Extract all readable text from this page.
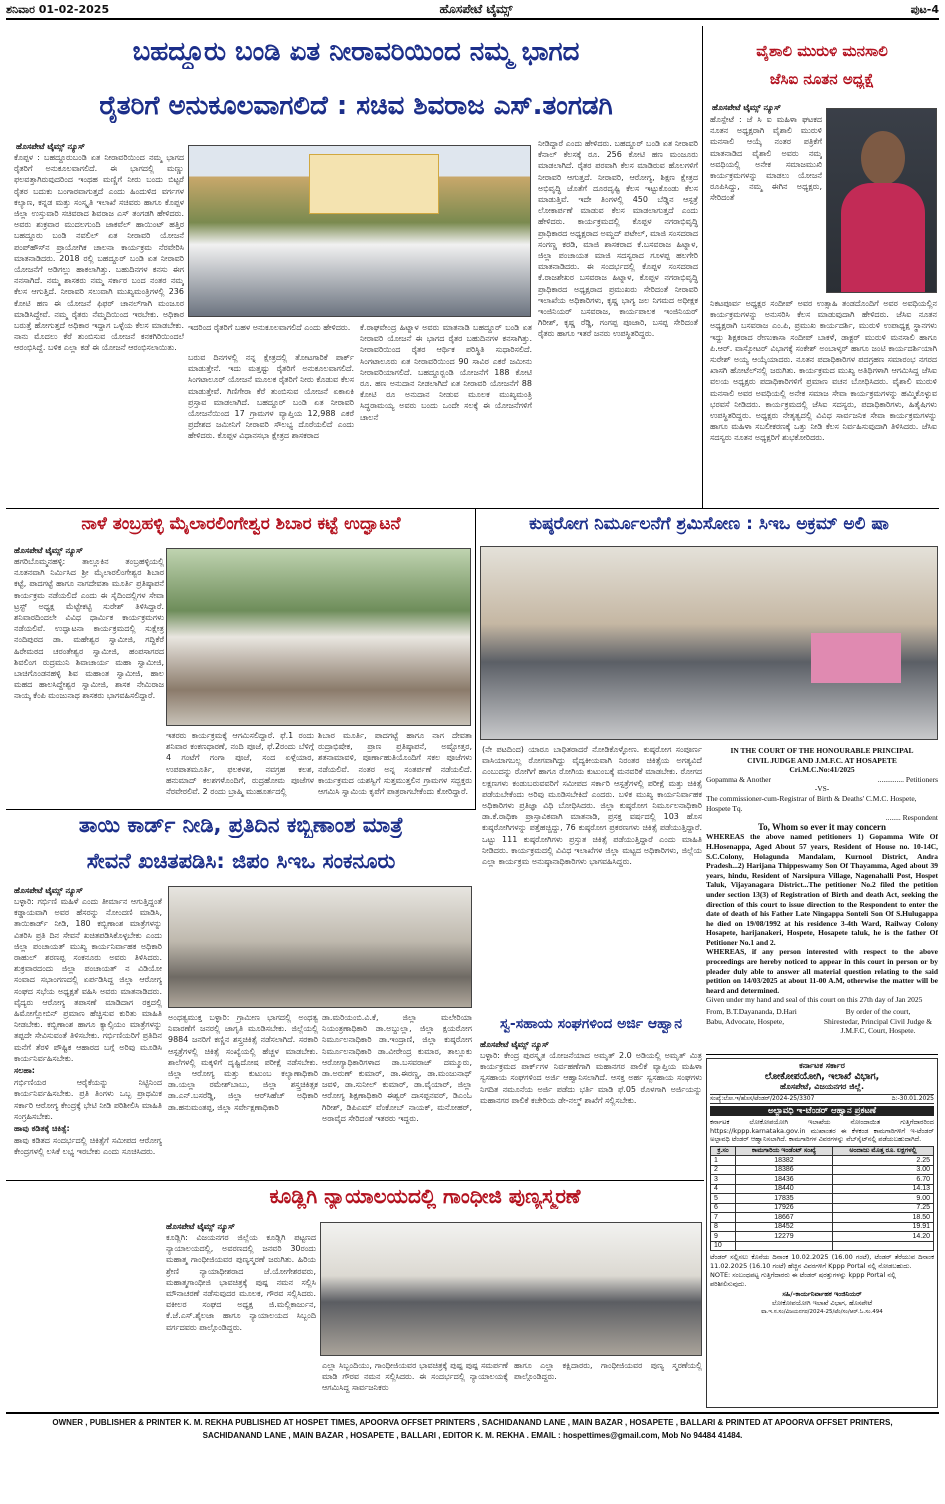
ಶನಿವಾರ 01-02-2025	ಹೊಸಪೇಟೆ ಟೈಮ್ಸ್	ಪುಟ-4
ಬಹದ್ದೂರು ಬಂಡಿ ಏತ ನೀರಾವರಿಯಿಂದ ನಮ್ಮ ಭಾಗದ
ರೈತರಿಗೆ ಅನುಕೂಲವಾಗಲಿದೆ : ಸಚಿವ ಶಿವರಾಜ ಎಸ್.ತಂಗಡಗಿ
ಹೊಸಪೇಟೆ ಟೈಮ್ಸ್ ನ್ಯೂಸ್
ಕೊಪ್ಪಳ : ಬಹದ್ದೂರುಬಂಡಿ ಏತ ನೀರಾವರಿಯಿಂದ ನಮ್ಮ ಭಾಗದ ರೈತರಿಗೆ ಅನುಕೂಲವಾಗಲಿದೆ. ಈ ಭಾಗದಲ್ಲಿ ಮಣ್ಣು ಫಲವತ್ತಾಗಿರುವುದರಿಂದ ಇಂಥಹ ಮಣ್ಣಿಗೆ ನೀರು ಬಂದು ಬಿಟ್ಟರೆ ರೈತರ ಬದುಕು ಬಂಗಾರವಾಗುತ್ತದೆ ಎಂದು ಹಿಂದುಳಿದ ವರ್ಗಗಳ ಕಲ್ಯಾಣ, ಕನ್ನಡ ಮತ್ತು ಸಂಸ್ಕೃತಿ ಇಲಾಖೆ ಸಚಿವರು ಹಾಗೂ ಕೊಪ್ಪಳ ಜಿಲ್ಲಾ ಉಸ್ತುವಾರಿ ಸಚಿವರಾದ ಶಿವರಾಜ ಎಸ್ ತಂಗಡಗಿ ಹೇಳಿದರು. ಅವರು ಶುಕ್ರವಾರ ಮುದಲಗುಂದಿ ಜಾಕವೆಲ್ ಹಾಯಿಂಟ್ ಹತ್ತಿರ ಬಹದ್ದೂರು ಬಂಡಿ ನವಲಿಲ್ ಏತ ನೀರಾವರಿ ಯೋಜನೆ ಪಂಪ್‍ಹೌಸ್‍ನ ಪ್ರಾಯೋಗಿಕ ಚಾಲನಾ ಕಾರ್ಯಕ್ರಮ ನೆರವೇರಿಸಿ ಮಾತನಾಡಿದರು. 2018 ರಲ್ಲಿ ಬಹದ್ದೂರ್ ಬಂಡಿ ಏತ ನೀರಾವರಿ ಯೋಜನೆಗೆ ಅಡಿಗಲ್ಲು ಹಾಕಲಾಗಿತ್ತು. ಬಹುದಿನಗಳ ಕನಸು ಈಗ ನನಸಾಗಿದೆ. ನಮ್ಮ ಶಾಸಕರು ನಮ್ಮ ಸರ್ಕಾರ ಬಂದ ನಂತರ ನಮ್ಮ ಕೆಲಸ ಆಗುತ್ತಿದೆ. ನೀರಾವರಿ ಸಲುವಾಗಿ ಮುಖ್ಯಮಂತ್ರಿಗಳಲ್ಲಿ 236 ಕೋಟಿ ಹಣ ಈ ಯೋಜನೆ ಫಿಫರ್ ಚಾನಲ್‍ಗಾಗಿ ಮಂಜೂರ ಮಾಡಿಸಿದ್ದೇವೆ. ನಮ್ಮ ರೈತರು ನೆಮ್ಮದಿಯಿಂದ ಇರಬೇಕು. ಅಧಿಕಾರ ಬರುತ್ತೆ ಹೋಗುತ್ತದೆ ಅಧಿಕಾರ ಇದ್ದಾಗ ಒಳ್ಳೆಯ ಕೆಲಸ ಮಾಡಬೇಕು. ನಾನು ಮೊದಲು ಕೆರೆ ತುಂಬಿಸುವ ಯೋಜನೆ ಕನಕಗಿರಿಯಿಂದಲೆ ಆರಂಭಿಸಿದ್ದೆ. ಬಳಿಕ ಎಲ್ಲಾ ಕಡೆ ಈ ಯೋಜನೆ ಆರಂಭಿಸಲಾಯಿತು.
ಇದರಿಂದ ರೈತರಿಗೆ ಬಹಳ ಅನುಕೂಲವಾಗಲಿದೆ ಎಂದು ಹೇಳಿದರು.
ಬರುವ ದಿನಗಳಲ್ಲಿ ನನ್ನ ಕ್ಷೇತ್ರದಲ್ಲಿ ತೋಟಗಾರಿಕೆ ಪಾರ್ಕ್ ಮಾಡುತ್ತೇನೆ. ಇದು ಮತ್ತಷ್ಟು ರೈತರಿಗೆ ಅನುಕೂಲವಾಗಲಿದೆ. ಸಿಂಗಟಾಲೂರ್ ಯೋಜನೆ ಮೂಲಕ ರೈತರಿಗೆ ನೀರು ಕೊಡುವ ಕೆಲಸ ಮಾಡುತ್ತೇವೆ. ಗಿಣಿಗೇರಾ ಕೆರೆ ತುಂಬಿಸುವ ಯೋಜನೆ ಏಕಾಏಕಿ ಪ್ರಸ್ತಾವ ಮಾಡಲಾಗಿದೆ. ಬಹದ್ದೂರ್ ಬಂಡಿ ಏತ ನೀರಾವರಿ ಯೋಜನೆಯಿಂದ 17 ಗ್ರಾಮಗಳ ವ್ಯಾಪ್ತಿಯ 12,988 ಎಕರೆ ಪ್ರದೇಶದ ಜಮೀನಿಗೆ ನೀರಾವರಿ ಸೌಲಭ್ಯ ದೊರೆಯಲಿದೆ ಎಂದು ಹೇಳಿದರು. ಕೊಪ್ಪಳ ವಿಧಾನಸಭಾ ಕ್ಷೇತ್ರದ ಶಾಸಕರಾದ
ಕೆ.ರಾಘವೇಂದ್ರ ಹಿಟ್ನಾಳ ಅವರು ಮಾತನಾಡಿ ಬಹದ್ದೂರ್ ಬಂಡಿ ಏತ ನೀರಾವರಿ ಯೋಜನೆ ಈ ಭಾಗದ ರೈತರ ಬಹುದಿನಗಳ ಕನಸಾಗಿತ್ತು. ನೀರಾವರಿಯಿಂದ ರೈತರ ಆರ್ಥಿಕ ಪರಿಸ್ಥಿತಿ ಸುಧಾರಿಸಲಿದೆ. ಸಿಂಗಟಾಲೂರು ಏತ ನೀರಾವರಿಯಿಂದ 90 ಸಾವಿರ ಎಕರೆ ಜಮೀನು ನೀರಾವರಿಯಾಗಲಿದೆ. ಬಹದ್ದೂರ್‍ಬಂಡಿ ಯೋಜನೆಗೆ 188 ಕೋಟಿ ರೂ. ಹಣ ಅನುದಾನ ನೀಡಲಾಗಿದೆ ಏತ ನೀರಾವರಿ ಯೋಜನೆಗೆ 88 ಕೋಟಿ ರೂ ಅನುದಾನ ನೀಡುವ ಮೂಲಕ ಮುಖ್ಯಮಂತ್ರಿ ಸಿದ್ಧರಾಮಯ್ಯ ಅವರು ಬಂದು ಒಂದೇ ಸಲಕ್ಕೆ ಈ ಯೋಜನೆಗಳಿಗೆ ಚಾಲನೆ
ನೀಡಿದ್ದಾರೆ ಎಂದು ಹೇಳಿದರು. ಬಹದ್ದೂರ್ ಬಂಡಿ ಏತ ನೀರಾವರಿ ಕೆನಾಲ್ ಕೆಲಸಕ್ಕೆ ರೂ. 256 ಕೋಟಿ ಹಣ ಮಂಜೂರು ಮಾಡಲಾಗಿದೆ. ರೈತರ ಪರವಾಗಿ ಕೆಲಸ ಮಾಡಿರುವ ಹೊಲಗಳಿಗೆ ನೀರಾವರಿ ಆಗುತ್ತದೆ. ನೀರಾವರಿ, ಆರೋಗ್ಯ, ಶಿಕ್ಷಣ ಕ್ಷೇತ್ರದ ಅಭಿವೃದ್ಧಿ ಜೊತೆಗೆ ದೂರದೃಷ್ಟಿ ಕೆಲಸ ಇಟ್ಟುಕೊಂಡು ಕೆಲಸ ಮಾಡುತ್ತಿವೆ. ಇದೇ ತಿಂಗಳಲ್ಲಿ 450 ಬೆಡ್ಡಿನ ಆಸ್ಪತ್ರೆ ಲೋಕಾರ್ಪಣೆ ಮಾಡುವ ಕೆಲಸ ಮಾಡಲಾಗುತ್ತದೆ ಎಂದು ಹೇಳಿದರು. ಕಾರ್ಯಕ್ರಮದಲ್ಲಿ ಕೊಪ್ಪಳ ನಗರಾಭಿವೃದ್ಧಿ ಪ್ರಾಧಿಕಾರದ ಅಧ್ಯಕ್ಷರಾದ ಅಮ್ಜದ್ ಪಟೇಲ್, ಮಾಜಿ ಸಂಸದರಾದ ಸಂಗಣ್ಣ ಕರಡಿ, ಮಾಜಿ ಶಾಸಕರಾದ ಕೆ.ಬಸವರಾಜ ಹಿಟ್ನಾಳ, ಜಿಲ್ಲಾ ಪಂಚಾಯತ ಮಾಜಿ ಸದಸ್ಯರಾದ ಗೂಳಪ್ಪ ಹಲಗೇರಿ ಮಾತನಾಡಿದರು. ಈ ಸಂದರ್ಭದಲ್ಲಿ ಕೊಪ್ಪಳ ಸಂಸದರಾದ ಕೆ.ರಾಜಶೇಖರ ಬಸವರಾಜ ಹಿಟ್ನಾಳ, ಕೊಪ್ಪಳ ನಗರಾಭಿವೃದ್ಧಿ ಪ್ರಾಧಿಕಾರದ ಅಧ್ಯಕ್ಷರಾದ ಪ್ರಮುಖರು ಸೇರಿದಂತೆ ನೀರಾವರಿ ಇಲಾಖೆಯ ಅಧಿಕಾರಿಗಳು, ಕೃಷ್ಣ ಭಾಗ್ಯ ಜಲ ನಿಗಮದ ಅಧೀಕ್ಷಕ ಇಂಜಿನಿಯರ್ ಬಸವರಾಜ, ಕಾರ್ಯಪಾಲಕ ಇಂಜಿನಿಯರ್ ಗಿರೀಶ್, ಕೃಷ್ಣ ರೆಡ್ಡಿ, ಗಂಗಪ್ಪ ಪೂಜಾರಿ, ಬಸಪ್ಪ ಸೇರಿದಂತೆ ರೈತರು ಹಾಗೂ ಇತರೆ ಜನರು ಉಪಸ್ಥಿತರಿದ್ದರು.
ವೈಶಾಲಿ ಮುರುಳಿ ಮನಸಾಲಿ
ಜೆಸಿಐ ನೂತನ ಅಧ್ಯಕ್ಷೆ
ಹೊಸಪೇಟೆ ಟೈಮ್ಸ್ ನ್ಯೂಸ್
ಹೊಸ್ಪೇಟೆ : ಜೆ ಸಿ ಐ ಮಹಿಳಾ ಘಟಕದ ನೂತನ ಅಧ್ಯಕ್ಷರಾಗಿ ವೈಶಾಲಿ ಮುರುಳಿ ಮನಸಾಲಿ ಆಯ್ಕೆ ನಂತರ ಪತ್ರಿಕೆಗೆ ಮಾತನಾಡಿದ ವೈಶಾಲಿ ಅವರು ನಮ್ಮ ಅವಧಿಯಲ್ಲಿ ಅನೇಕ ಸಮಾಜಮುಖಿ ಕಾರ್ಯಕ್ರಮಗಳನ್ನು ಮಾಡಲು ಯೋಜನೆ ರೂಪಿಸಿದ್ದು, ನಮ್ಮ ಈಗಿನ ಅಧ್ಯಕ್ಷರು, ಸೇರಿದಂತೆ
ನಿಕಟಪೂರ್ವ ಅಧ್ಯಕ್ಷರ ಸಂದೀಪ್ ಅವರ ಉತ್ಸಾಹಿ ತಂಡದೊಂದಿಗೆ ಅವರ ಅವಧಿಯಲ್ಲಿನ ಕಾರ್ಯಕ್ರಮಗಳನ್ನು ಅನುಸರಿಸಿ ಕೆಲಸ ಮಾಡುವುದಾಗಿ ಹೇಳಿದರು. ಜೆಸಿಐ ನೂತನ ಅಧ್ಯಕ್ಷರಾಗಿ ಬಸವರಾಜ ಎಂ.ಪಿ, ಪ್ರಮುಖ ಕಾರ್ಯದರ್ಶಿ, ಮುರುಳಿ ಉಪಾಧ್ಯಕ್ಷ ಸ್ಥಾನಗಳು ಇದ್ದು ಶಿಕ್ಷಕರಾದ ರೇಣುಕಾಸಾ ಸಂದೀಪ್ ಬಾಕಳೆ, ಡಾಕ್ಟರ್ ಮುರುಳಿ ಮನಸಾಲಿ ಹಾಗೂ ಪಿ.ಆರ್. ವಾಸ್ಕೋಟರ್ ವಿಭಾಗಕ್ಕೆ ಸಂಕೇಶ್ ಅಂಬಾಳ್ಕರ್ ಹಾಗೂ ಜಂಟಿ ಕಾರ್ಯದರ್ಶಿಯಾಗಿ ಸುರೇಶ್ ಅಯ್ಯ ಆಯ್ಕೆಯಾದರು. ನೂತನ ಪದಾಧಿಕಾರಿಗಳ ಪದಗ್ರಹಣ ಸಮಾರಂಭ ನಗರದ ಖಾಸಗಿ ಹೋಟೆಲ್‍ನಲ್ಲಿ ಜರುಗಿತು. ಕಾರ್ಯಕ್ರಮದ ಮುಖ್ಯ ಅತಿಥಿಗಳಾಗಿ ಆಗಮಿಸಿದ್ದ ಜೆಸಿಐ ವಲಯ ಅಧ್ಯಕ್ಷರು ಪದಾಧಿಕಾರಿಗಳಿಗೆ ಪ್ರಮಾಣ ವಚನ ಬೋಧಿಸಿದರು. ವೈಶಾಲಿ ಮುರುಳಿ ಮನಸಾಲಿ ಅವರ ಅವಧಿಯಲ್ಲಿ ಅನೇಕ ಸಮಾಜ ಸೇವಾ ಕಾರ್ಯಕ್ರಮಗಳನ್ನು ಹಮ್ಮಿಕೊಳ್ಳುವ ಭರವಸೆ ನೀಡಿದರು. ಕಾರ್ಯಕ್ರಮದಲ್ಲಿ ಜೆಸಿಐ ಸದಸ್ಯರು, ಪದಾಧಿಕಾರಿಗಳು, ಹಿತೈಷಿಗಳು ಉಪಸ್ಥಿತರಿದ್ದರು. ಅಧ್ಯಕ್ಷರು ನೇತೃತ್ವದಲ್ಲಿ ವಿವಿಧ ಸಾರ್ವಜನಿಕ ಸೇವಾ ಕಾರ್ಯಕ್ರಮಗಳನ್ನು ಹಾಗೂ ಮಹಿಳಾ ಸಬಲೀಕರಣಕ್ಕೆ ಒತ್ತು ನೀಡಿ ಕೆಲಸ ನಿರ್ವಹಿಸುವುದಾಗಿ ತಿಳಿಸಿದರು. ಜೆಸಿಐ ಸದಸ್ಯರು ನೂತನ ಅಧ್ಯಕ್ಷರಿಗೆ ಶುಭಕೋರಿದರು.
ನಾಳೆ ತಂಬ್ರಹಳ್ಳಿ ಮೈಲಾರಲಿಂಗೇಶ್ವರ ಶಿಬಾರ ಕಟ್ಟೆ ಉದ್ಘಾಟನೆ
ಹೊಸಪೇಟೆ ಟೈಮ್ಸ್ ನ್ಯೂಸ್
ಹಗರಿಬೊಮ್ಮನಹಳ್ಳಿ: ತಾಲ್ಲೂಕಿನ ತಂಬ್ರಹಳ್ಳಿಯಲ್ಲಿ ನೂತನವಾಗಿ ನಿರ್ಮಿಸಿದ ಶ್ರೀ ಮೈಲಾರಲಿಂಗೇಶ್ವರ ಶಿಬಾರ ಕಟ್ಟೆ, ಪಾದಗಟ್ಟೆ ಹಾಗೂ ನಾಗದೇವತಾ ಮೂರ್ತಿ ಪ್ರತಿಷ್ಠಾಪನೆ ಕಾರ್ಯಕ್ರಮ ನಡೆಯಲಿದೆ ಎಂದು ಈ ಸೈದಿಂದಲ್ಲಿಗಳ ಸೇವಾ ಟ್ರಸ್ಟ್ ಅಧ್ಯಕ್ಷ ಮೆಟ್ಟೇಕಟ್ಟಿ ಸುರೇಶ್ ತಿಳಿಸಿದ್ದಾರೆ. ಶನಿವಾರದಿಂದಲೇ ವಿವಿಧ ಧಾರ್ಮಿಕ ಕಾರ್ಯಕ್ರಮಗಳು ನಡೆಯಲಿವೆ. ಉದ್ಘಾಟನಾ ಕಾರ್ಯಕ್ರಮದಲ್ಲಿ ಸುಕ್ಷೇತ್ರ ನಂದಿಪುರದ ಡಾ. ಮಹೇಶ್ವರ ಸ್ವಾಮೀಜಿ, ಗದ್ದಿಕೆರೆ ಹಿರೇಮಠದ ಚರಂತೇಶ್ವರ ಸ್ವಾಮೀಜಿ, ಹಂಪಸಾಗರದ ಶಿವಲಿಂಗ ರುದ್ರಮುನಿ ಶಿವಾಚಾರ್ಯ ಮಹಾ ಸ್ವಾಮೀಜಿ, ಬಾಚಿಗೊಂಡನಹಳ್ಳಿ ಶಿವ ಮಹಾಂತ ಸ್ವಾಮೀಜಿ, ಹಾಲ ಮಹದ ಹಾಲಸಿದ್ದೇಶ್ವರ ಸ್ವಾಮೀಜಿ, ಶಾಸಕ ನೇಮಿರಾಜ ನಾಯ್ಕ ಕೆಂಪಿ ಮಂಜುನಾಥ ಶಾಸಕರು ಭಾಗವಹಿಸಲಿದ್ದಾರೆ.
ಇತರರು ಕಾರ್ಯಕ್ರಮಕ್ಕೆ ಆಗಮಿಸಲಿದ್ದಾರೆ. ಫೆ.1 ರಂದು ಶನಿವಾರ ಕಂಕಣಧಾರಣೆ, ನಂದಿ ಪೂಜೆ, ಫೆ.2ರಂದು ಬೆಳಿಗ್ಗೆ 4 ಗಂಟೆಗೆ ಗಂಗಾ ಪೂಜೆ, ಸಂದ ಏಳ್ಗೆಯಾರ, ಉಪಪಾತಮೂರ್ತಿ, ಫಲಕಳಶ, ನವಗ್ರಹ ಕಲಶ, ಹನುಮಾದ್ ಕಲಶಗಳೊಂದಿಗೆ, ರುದ್ರಹೋಮ ಪೂಜೆಗಳ ನೆರವೇರಲಿವೆ. 2 ರಂದು ಬ್ರಾಹ್ಮಿ ಮುಹೂರ್ತದಲ್ಲಿ
ಶಿಬಾರ ಮೂರ್ತಿ, ಪಾದಗಟ್ಟೆ ಹಾಗೂ ನಾಗ ದೇವತಾ ರುದ್ರಾಭಿಷೇಕ, ಪ್ರಾಣ ಪ್ರತಿಷ್ಠಾಪನೆ, ಅಷ್ಟೋತ್ತರ, ಶತನಾಮಾವಳಿ, ಪೂರ್ಣಾಹುತಿಯೊಂದಿಗೆ ಸಕಲ ಪೂಜೆಗಳು ನಡೆಯಲಿವೆ. ನಂತರ ಅನ್ನ ಸಂತರ್ಪಣೆ ನಡೆಯಲಿದೆ. ಕಾರ್ಯಕ್ರಮದ ಯಶಸ್ವಿಗೆ ಸುತ್ತಮುತ್ತಲಿನ ಗ್ರಾಮಗಳ ಸದ್ಭಕ್ತರು ಆಗಮಿಸಿ ಸ್ವಾಮಿಯ ಕೃಪೆಗೆ ಪಾತ್ರರಾಗಬೇಕೆಂದು ಕೋರಿದ್ದಾರೆ.
ಕುಷ್ಠರೋಗ ನಿರ್ಮೂಲನೆಗೆ ಶ್ರಮಿಸೋಣ : ಸಿಇಒ ಅಕ್ರಮ್ ಅಲಿ ಷಾ
(ನೇ ಪಟದಿಂದ) ಯಾರೂ ಬಾಧಿತರಾದರೆ ನೋಡಿಕೊಳ್ಳೋಣ. ಕುಷ್ಠರೋಗ ಸಂಪೂರ್ಣ ವಾಸಿಯಾಗಬಲ್ಲ ರೋಗವಾಗಿದ್ದು ವೈದ್ಯಕೀಯವಾಗಿ ನಿರಂತರ ಚಿಕಿತ್ಸೆಯ ಅಗತ್ಯವಿದೆ ಎಂಬುದನ್ನು ರೋಗಿಗೆ ಹಾಗೂ ರೋಗಿಯ ಕುಟುಂಬಕ್ಕೆ ಮನವರಿಕೆ ಮಾಡಬೇಕು. ರೋಗದ ಲಕ್ಷಣಗಳು ಕಂಡುಬರುವವರಿಗೆ ಸಮೀಪದ ಸರ್ಕಾರಿ ಆಸ್ಪತ್ರೆಗಳಲ್ಲಿ ಪರೀಕ್ಷೆ ಮತ್ತು ಚಿಕಿತ್ಸೆ ಪಡೆಯಬೇಕೆಂದು ಅರಿವು ಮೂಡಿಸಬೇಕಿದೆ ಎಂದರು. ಬಳಿಕ ಮುಖ್ಯ ಕಾರ್ಯನಿರ್ವಾಹಕ ಅಧಿಕಾರಿಗಳು ಪ್ರತಿಜ್ಞಾ ವಿಧಿ ಬೋಧಿಸಿದರು. ಜಿಲ್ಲಾ ಕುಷ್ಠರೋಗ ನಿರ್ಮೂಲನಾಧಿಕಾರಿ ಡಾ.ಕೆ.ರಾಧಿಕಾ ಪ್ರಾಸ್ತಾವಿಕವಾಗಿ ಮಾತನಾಡಿ, ಪ್ರಸಕ್ತ ವರ್ಷದಲ್ಲಿ 103 ಹೊಸ ಕುಷ್ಠರೋಗಿಗಳನ್ನು ಪತ್ತೆಹಚ್ಚಿದ್ದು, 76 ಕುಷ್ಠರೋಗ ಪ್ರಕರಣಗಳು ಚಿಕಿತ್ಸೆ ಪಡೆಯುತ್ತಿದ್ದಾರೆ. ಒಟ್ಟು 111 ಕುಷ್ಠರೋಗಿಗಳು ಪ್ರಸ್ತುತ ಚಿಕಿತ್ಸೆ ಪಡೆಯುತ್ತಿದ್ದಾರೆ ಎಂದು ಮಾಹಿತಿ ನೀಡಿದರು. ಕಾರ್ಯಕ್ರಮದಲ್ಲಿ ವಿವಿಧ ಇಲಾಖೆಗಳ ಜಿಲ್ಲಾ ಮಟ್ಟದ ಅಧಿಕಾರಿಗಳು, ಜಿಲ್ಲೆಯ ಎಲ್ಲಾ ಕಾರ್ಯಕ್ರಮ ಅನುಷ್ಠಾನಾಧಿಕಾರಿಗಳು ಭಾಗವಹಿಸಿದ್ದರು.
ತಾಯಿ ಕಾರ್ಡ್ ನೀಡಿ, ಪ್ರತಿದಿನ ಕಬ್ಬಿಣಾಂಶ ಮಾತ್ರೆ
ಸೇವನೆ ಖಚಿತಪಡಿಸಿ: ಜಿಪಂ ಸಿಇಒ ಸಂಕನೂರು
ಹೊಸಪೇಟೆ ಟೈಮ್ಸ್ ನ್ಯೂಸ್

ಬಳ್ಳಾರಿ: ಗರ್ಭಿಣಿ ಮಹಿಳೆ ಎಂದು ತೀರ್ಮಾನ ಆಗುತ್ತಿದ್ದಂತೆ ಕಡ್ಡಾಯವಾಗಿ ಅವರ ಹೆಸರನ್ನು ನೋಂದಣಿ ಮಾಡಿಸಿ, ತಾಯಿಕಾರ್ಡ್ ನೀಡಿ, 180 ಕಬ್ಬಿಣಾಂಶ ಮಾತ್ರೆಗಳನ್ನು ವಿತರಿಸಿ ಪ್ರತಿ ದಿನ ಸೇವನೆ ಖಚಿತಪಡಿಸಿಕೊಳ್ಳಬೇಕು ಎಂದು ಜಿಲ್ಲಾ ಪಂಚಾಯತ್ ಮುಖ್ಯ ಕಾರ್ಯನಿರ್ವಾಹಕ ಅಧಿಕಾರಿ ರಾಹುಲ್ ಶರಣಪ್ಪ ಸಂಕನೂರು ಅವರು ತಿಳಿಸಿದರು. ಶುಕ್ರವಾರದಂದು ಜಿಲ್ಲಾ ಪಂಚಾಯತ್ ನ ವಿಡಿಯೋ ಸಂವಾದ ಸಭಾಂಗಣದಲ್ಲಿ ಏರ್ಪಡಿಸಿದ್ದ ಜಿಲ್ಲಾ ಆರೋಗ್ಯ ಸಂಘದ ಸಭೆಯ ಅಧ್ಯಕ್ಷತೆ ವಹಿಸಿ ಅವರು ಮಾತನಾಡಿದರು. ವೈದ್ಯರು ಆರೋಗ್ಯ ತಪಾಸಣೆ ಮಾಡಿದಾಗ ರಕ್ತದಲ್ಲಿ ಹಿಮೋಗ್ಲೋಬಿನ್ ಪ್ರಮಾಣ ಹೆಚ್ಚಿಸುವ ಕುರಿತು ಮಾಹಿತಿ ನೀಡಬೇಕು. ಕಬ್ಬಿಣಾಂಶ ಹಾಗೂ ಕ್ಯಾಲ್ಸಿಯಂ ಮಾತ್ರೆಗಳನ್ನು ತಪ್ಪದೇ ಸೇವಿಸುವಂತೆ ತಿಳಿಸಬೇಕು. ಗರ್ಭಿಣಿಯರಿಗೆ ಪ್ರತಿದಿನ ಮನೆಗೆ ತೆರಳಿ ಪೌಷ್ಟಿಕ ಆಹಾರದ ಬಗ್ಗೆ ಅರಿವು ಮೂಡಿಸಿ ಕಾರ್ಯನಿರ್ವಹಿಸಬೇಕು.

ಸಲಹಾ:

ಗರ್ಭಿಣಿಯರ ಆರೈಕೆಯನ್ನು ನಿಟ್ಟಿನಿಂದ ಕಾರ್ಯನಿರ್ವಹಿಸಬೇಕು. ಪ್ರತಿ ತಿಂಗಳು ಒಬ್ಬ ಪ್ರಾಥಮಿಕ ಸರ್ಕಾರಿ ಆರೋಗ್ಯ ಕೇಂದ್ರಕ್ಕೆ ಭೇಟಿ ನೀಡಿ ಪರಿಶೀಲಿಸಿ ಮಾಹಿತಿ ಸಂಗ್ರಹಿಸಬೇಕು.

ಹಾವು ಕಡಿತಕ್ಕೆ ಚಿಕಿತ್ಸೆ:

ಹಾವು ಕಡಿತದ ಸಂದರ್ಭದಲ್ಲಿ ಚಿಕಿತ್ಸೆಗೆ ಸಮೀಪದ ಆರೋಗ್ಯ ಕೇಂದ್ರಗಳಲ್ಲಿ ಲಸಿಕೆ ಲಭ್ಯ ಇರಬೇಕು ಎಂದು ಸೂಚಿಸಿದರು.

ಅಂಧತ್ವಮುಕ್ತ ಬಳ್ಳಾರಿ: ಗ್ರಾಮೀಣ ಭಾಗದಲ್ಲಿ ಅಂಧತ್ವ ನಿವಾರಣೆಗೆ ಜನರಲ್ಲಿ ಜಾಗೃತಿ ಮೂಡಿಸಬೇಕು. ಜಿಲ್ಲೆಯಲ್ಲಿ 9884 ಜನರಿಗೆ ಕಣ್ಣಿನ ಶಸ್ತ್ರಚಿಕಿತ್ಸೆ ನಡೆಸಲಾಗಿದೆ. ಸರಕಾರಿ ಆಸ್ಪತ್ರೆಗಳಲ್ಲಿ ಚಿಕಿತ್ಸೆ ಸಂಖ್ಯೆಯಲ್ಲಿ ಹೆಚ್ಚಳ ಮಾಡಬೇಕು. ಶಾಲೆಗಳಲ್ಲಿ ಮಕ್ಕಳಿಗೆ ದೃಷ್ಟಿದೋಷ ಪರೀಕ್ಷೆ ನಡೆಸಬೇಕು. ಜಿಲ್ಲಾ ಆರೋಗ್ಯ ಮತ್ತು ಕುಟುಂಬ ಕಲ್ಯಾಣಾಧಿಕಾರಿ ಡಾ.ಯಲ್ಲಾ ರಮೇಶ್‍ಬಾಬು, ಜಿಲ್ಲಾ ಶಸ್ತ್ರಚಿಕಿತ್ಸಕ ಡಾ.ಎನ್.ಬಸರೆಡ್ಡಿ, ಜಿಲ್ಲಾ ಆರ್‌ಸಿಹೆಚ್ ಅಧಿಕಾರಿ ಡಾ.ಹನುಮಂತಪ್ಪ, ಜಿಲ್ಲಾ ಸರ್ವೇಕ್ಷಣಾಧಿಕಾರಿ
ಡಾ.ಮರಿಯಂಬಿ.ವಿ.ಕೆ, ಜಿಲ್ಲಾ ಮಲೇರಿಯಾ ನಿಯಂತ್ರಣಾಧಿಕಾರಿ ಡಾ.ಅಬ್ದುಲ್ಲಾ, ಜಿಲ್ಲಾ ಕ್ಷಯರೋಗ ನಿರ್ಮೂಲನಾಧಿಕಾರಿ ಡಾ.ಇಂದ್ರಾಣಿ, ಜಿಲ್ಲಾ ಕುಷ್ಠರೋಗ ನಿರ್ಮೂಲನಾಧಿಕಾರಿ ಡಾ.ವೀರೇಂದ್ರ ಕುಮಾರ, ತಾಲ್ಲೂಕು ಆರೋಗ್ಯಾಧಿಕಾರಿಗಳಾದ ಡಾ.ಬಸವರಾಜ್ ದಮ್ಮೂರು, ಡಾ.ಅರುಣ್ ಕುಮಾರ್, ಡಾ.ಈರಣ್ಣ, ಡಾ.ಮಂಜುನಾಥ್ ಜವಳಿ, ಡಾ.ಸುನೀಲ್ ಕುಮಾರ್, ಡಾ.ವೈಯಾರ್, ಜಿಲ್ಲಾ ಆರೋಗ್ಯ ಶಿಕ್ಷಣಾಧಿಕಾರಿ ಈಶ್ವರ್ ದಾಸಪ್ಪನವರ್, ಡಿಎಂಓ ಗಿರೀಶ್, ಡಿಪಿಎಮ್ ವೆಂಕೋಬ್ ನಾಯಕ್, ಮನೋಹರ್, ಅರಾವೈದ ಸೇರಿದಂತೆ ಇತರರು ಇದ್ದರು.
ಸ್ವ-ಸಹಾಯ ಸಂಘಗಳಿಂದ ಅರ್ಜಿ ಆಹ್ವಾನ
ಹೊಸಪೇಟೆ ಟೈಮ್ಸ್ ನ್ಯೂಸ್
ಬಳ್ಳಾರಿ: ಕೇಂದ್ರ ಪುರಸ್ಕೃತ ಯೋಜನೆಯಾದ ಅಮೃತ್ 2.0 ಅಡಿಯಲ್ಲಿ ಅಮೃತ್ ಮಿತ್ರ ಕಾರ್ಯಕ್ರಮದ ಪಾರ್ಕ್‍ಗಳ ನಿರ್ವಹಣೆಗಾಗಿ ಮಹಾನಗರ ಪಾಲಿಕೆ ವ್ಯಾಪ್ತಿಯ ಮಹಿಳಾ ಸ್ವಸಹಾಯ ಸಂಘಗಳಿಂದ ಅರ್ಜಿ ಆಹ್ವಾನಿಸಲಾಗಿದೆ. ಆಸಕ್ತ ಅರ್ಹ ಸ್ವಸಹಾಯ ಸಂಘಗಳು ನಿಗದಿತ ನಮೂನೆಯ ಅರ್ಜಿ ಪಡೆದು ಭರ್ತಿ ಮಾಡಿ ಫೆ.05 ರೊಳಗಾಗಿ ಅರ್ಜಿಯನ್ನು ಮಹಾನಗರ ಪಾಲಿಕೆ ಕಚೇರಿಯ ಡೇ-ನಲ್ಮ್ ಶಾಖೆಗೆ ಸಲ್ಲಿಸಬೇಕು.
IN THE COURT OF THE HONOURABLE PRINCIPAL
CIVIL JUDGE AND J.M.F.C. AT HOSAPETE
Cri.M.C.No:41/2025
Gopamma & Another	.............. Petitioners
-VS-
The commissioner-cum-Registrar of Birth & Deaths' C.M.C. Hospete, Hospete Tq.
........ Respondent
To, Whom so ever it may concern
WHEREAS the above named petitioners 1) Gopamma Wife Of H.Hosenappa, Aged About 57 years, Resident of House no. 10-14C, S.C.Colony, Holagunda Mandalam, Kurnool District, Andra Pradesh...2) Harijana Thippeswamy Son Of Thayamma, Aged about 39 years, hindu, Resident of Narsipura Village, Nagenahalli Post, Hospet Taluk, Vijayanagara District...The petitioner No.2 filed the petition under section 13(3) of Registration of Birth and death Act, seeking the direction of this court to issue direction to the Respondent to enter the date of death of his Father Late Ningappa Sonteli Son Of S.Hulugappa he died on 19/08/1992 at his residence 3-4th Ward, Railway Colony Hosapete, harijanakeri, Hospete, Hosapete taluk, he is the father Of Petitioner No.1 and 2.
WHEREAS, if any person interested with respect to the above proceedings are hereby noticed to appear in this court in person or by pleader duly able to answer all material question relating to the said petition on 14/03/2025 at about 11-00 A.M, otherwise the matter will be heard and determined.
Given under my hand and seal of this court on this 27th day of Jan 2025
From, B.T.Dayananda, D.Hari Babu, Advocate, Hospete,
By order of the court,
Shirestedar, Principal Civil Judge & J.M.F.C, Court, Hospete.
ಕರ್ನಾಟಕ ಸರ್ಕಾರ
ಲೋಕೋಪಯೋಗಿ, ಇಲಾಖೆ ವಿಭಾಗ,
ಹೊಸಪೇಟೆ, ವಿಜಯನಗರ ಜಿಲ್ಲೆ.
ಸಂಖ್ಯೆ:ಲೋ.ಇ/ಹೊಸ/ಟೆಂಡರ್/2024-25/3307	ದಿ:-30.01.2025
ಅಲ್ಪಾವಧಿ ಇ-ಟೆಂಡರ್ ಆಹ್ವಾನ ಪ್ರಕಟಣೆ
ಕರ್ನಾಟಕ ಲೋಕೋಪಯೋಗಿ ಇಲಾಖೆಯ ನೋಂದಾಯಿತ ಗುತ್ತಿಗೆದಾರರಿಂದ https://kppp.karnataka.gov.in ಮುಖಾಂತರ ಈ ಕೆಳಕಂಡ ಕಾಮಗಾರಿಗಳಿಗೆ ಇ-ಟೆಂಡರ್ ಅಲ್ಪಾವಧಿ ಟೆಂಡರ್ ಆಹ್ವಾನಿಸಲಾಗಿದೆ. ಕಾಮಗಾರಿಗಳ ವಿವರಗಳನ್ನು ವೆಬ್‍ಸೈಟ್‍ನಲ್ಲಿ ಪಡೆಯಬಹುದಾಗಿದೆ.
ಕ್ರ.ಸಂ	ಕಾಮಗಾರಿಯ ಇಂಡೆಂಟ್ ಸಂಖ್ಯೆ	ಅಂದಾಜು ಮೊತ್ತ ರೂ. ಲಕ್ಷಗಳಲ್ಲಿ
1	18382	2.25
2	18386	3.00
3	18436	6.70
4	18440	14.13
5	17835	9.00
6	17926	7.25
7	18667	18.50
8	18452	19.91
9	12279	14.20
10		
ಟೆಂಡರ್ ಸಲ್ಲಿಸಲು ಕೊನೆಯ ದಿನಾಂಕ 10.02.2025 (16.00 ಗಂಟೆ), ಟೆಂಡರ್ ತೆರೆಯುವ ದಿನಾಂಕ 11.02.2025 (16.10 ಗಂಟೆ) ಹೆಚ್ಚಿನ ವಿವರಗಳಿಗೆ Kppp Portal ನಲ್ಲಿ ನೋಡಬಹುದು.
NOTE: ಸಂಬಂಧಪಟ್ಟ ಗುತ್ತಿಗೆದಾರರು ಈ ಟೆಂಡರ್ ಷರತ್ತುಗಳನ್ನು kppp Portal ನಲ್ಲಿ ಪರಿಶೀಲಿಸುವುದು.
ಸಹಿ/-ಕಾರ್ಯನಿರ್ವಾಹಕ ಇಂಜಿನಿಯರ್
ಲೋಕೋಪಯೋಗಿ ಇಲಾಖೆ ವಿಭಾಗ, ಹೊಸಪೇಟೆ
ವಾ.ಇ.ಸ.ಸಂ/ವಿಜಯನಗರ/2024-25/ಟೆಂ/ಸಂ/ಆರ್.ಓ.ಸಂ.494
ಕೂಡ್ಲಿಗಿ ನ್ಯಾಯಾಲಯದಲ್ಲಿ ಗಾಂಧೀಜಿ ಪುಣ್ಯಸ್ಮರಣೆ
ಹೊಸಪೇಟೆ ಟೈಮ್ಸ್ ನ್ಯೂಸ್
ಕೂಡ್ಲಿಗಿ: ವಿಜಯನಗರ ಜಿಲ್ಲೆಯ ಕೂಡ್ಲಿಗಿ ಪಟ್ಟಣದ ನ್ಯಾಯಾಲಯದಲ್ಲಿ, ಅವರಣದಲ್ಲಿ ಜನವರಿ 30ರಂದು ಮಹಾತ್ಮ ಗಾಂಧೀಜಿಯವರ ಪುಣ್ಯಸ್ಮರಣೆ ಜರುಗಿತು. ಹಿರಿಯ ಶ್ರೇಣಿ ನ್ಯಾಯಾಧೀಶರಾದ ಜೆ.ಯೋಗೇಶರವರು, ಮಹಾತ್ಮಗಾಂಧೀಜಿ ಭಾವಚಿತ್ರಕ್ಕೆ ಪುಷ್ಪ ನಮನ ಸಲ್ಲಿಸಿ ಮೌನಾಚರಣೆ ನಡೆಸುವುದರ ಮೂಲಕ, ಗೌರವ ಸಲ್ಲಿಸಿದರು. ವಕೀಲರ ಸಂಘದ ಅಧ್ಯಕ್ಷ ಜಿ.ಮಲ್ಲಿಕಾರ್ಜುನ, ಕೆ.ಜೆ.ಎಸ್.ಶೈಲಜಾ ಹಾಗೂ ನ್ಯಾಯಾಲಯದ ಸಿಬ್ಬಂದಿ ವರ್ಗದವರು ಪಾಲ್ಗೊಂಡಿದ್ದರು.
ಎಲ್ಲಾ ಸಿಬ್ಬಂದಿಯು, ಗಾಂಧೀಜಿಯವರ ಭಾವಚಿತ್ರಕ್ಕೆ ಪುಷ್ಪ ಪುಷ್ಪ ಸಮರ್ಪಣೆ ಮಾಡಿ ಗೌರವ ನಮನ ಸಲ್ಲಿಸಿದರು. ಈ ಸಂದರ್ಭದಲ್ಲಿ ನ್ಯಾಯಾಲಯಕ್ಕೆ ಆಗಮಿಸಿದ್ದ ಸಾರ್ವಜನಿಕರು
ಹಾಗೂ ಎಲ್ಲಾ ಕಕ್ಷಿದಾರರು, ಗಾಂಧೀಜಿಯವರ ಪುಣ್ಯ ಸ್ಮರಣೆಯಲ್ಲಿ ಪಾಲ್ಗೊಂಡಿದ್ದರು.
OWNER , PUBLISHER & PRINTER K. M. REKHA PUBLISHED AT HOSPET TIMES, APOORVA OFFSET PRINTERS , SACHIDANAND LANE , MAIN BAZAR , HOSAPETE , BALLARI & PRINTED AT APOORVA OFFSET PRINTERS,
SACHIDANAND LANE , MAIN BAZAR , HOSAPETE , BALLARI , EDITOR K. M. REKHA . EMAIL : hospettimes@gmail.com, Mob No 94484 41484.
